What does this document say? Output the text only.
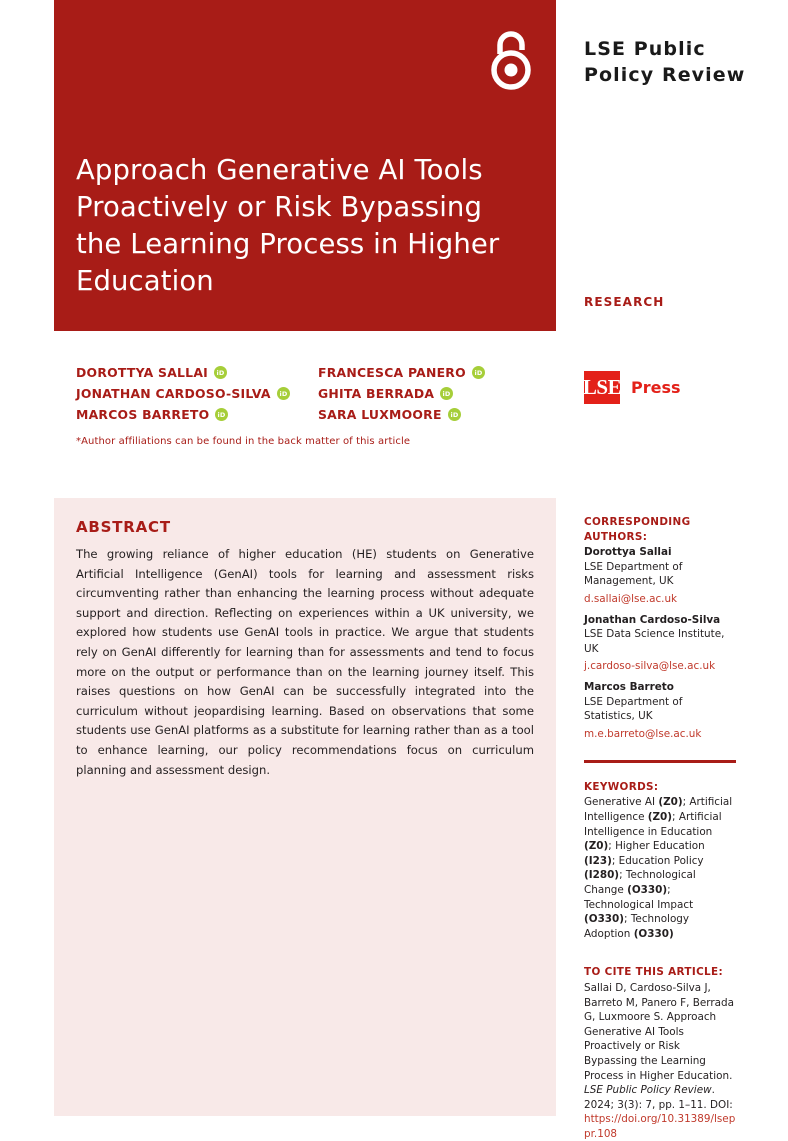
Approach Generative AI Tools Proactively or Risk Bypassing the Learning Process in Higher Education
LSE Public
Policy Review
RESEARCH
LSE Press
DOROTTYA SALLAI iD	FRANCESCA PANERO iD
JONATHAN CARDOSO-SILVA iD GHITA BERRADA iD
MARCOS BARRETO iD	SARA LUXMOORE iD
*Author affiliations can be found in the back matter of this article
ABSTRACT
The growing reliance of higher education (HE) students on Generative Artificial Intelligence (GenAI) tools for learning and assessment risks circumventing rather than enhancing the learning process without adequate support and direction. Reflecting on experiences within a UK university, we explored how students use GenAI tools in practice. We argue that students rely on GenAI differently for learning than for assessments and tend to focus more on the output or performance than on the learning journey itself. This raises questions on how GenAI can be successfully integrated into the curriculum without jeopardising learning. Based on observations that some students use GenAI platforms as a substitute for learning rather than as a tool to enhance learning, our policy recommendations focus on curriculum planning and assessment design.
CORRESPONDING AUTHORS:
Dorottya Sallai
LSE Department of Management, UK
d.sallai@lse.ac.uk
Jonathan Cardoso-Silva
LSE Data Science Institute, UK
j.cardoso-silva@lse.ac.uk
Marcos Barreto
LSE Department of Statistics, UK
m.e.barreto@lse.ac.uk
KEYWORDS:
Generative AI (Z0); Artificial Intelligence (Z0); Artificial Intelligence in Education (Z0); Higher Education (I23); Education Policy (I280); Technological Change (O330); Technological Impact (O330); Technology Adoption (O330)
TO CITE THIS ARTICLE:
Sallai D, Cardoso-Silva J, Barreto M, Panero F, Berrada G, Luxmoore S. Approach Generative AI Tools Proactively or Risk Bypassing the Learning Process in Higher Education. LSE Public Policy Review. 2024; 3(3): 7, pp. 1–11. DOI: https://doi.org/10.31389/lseppr.108
